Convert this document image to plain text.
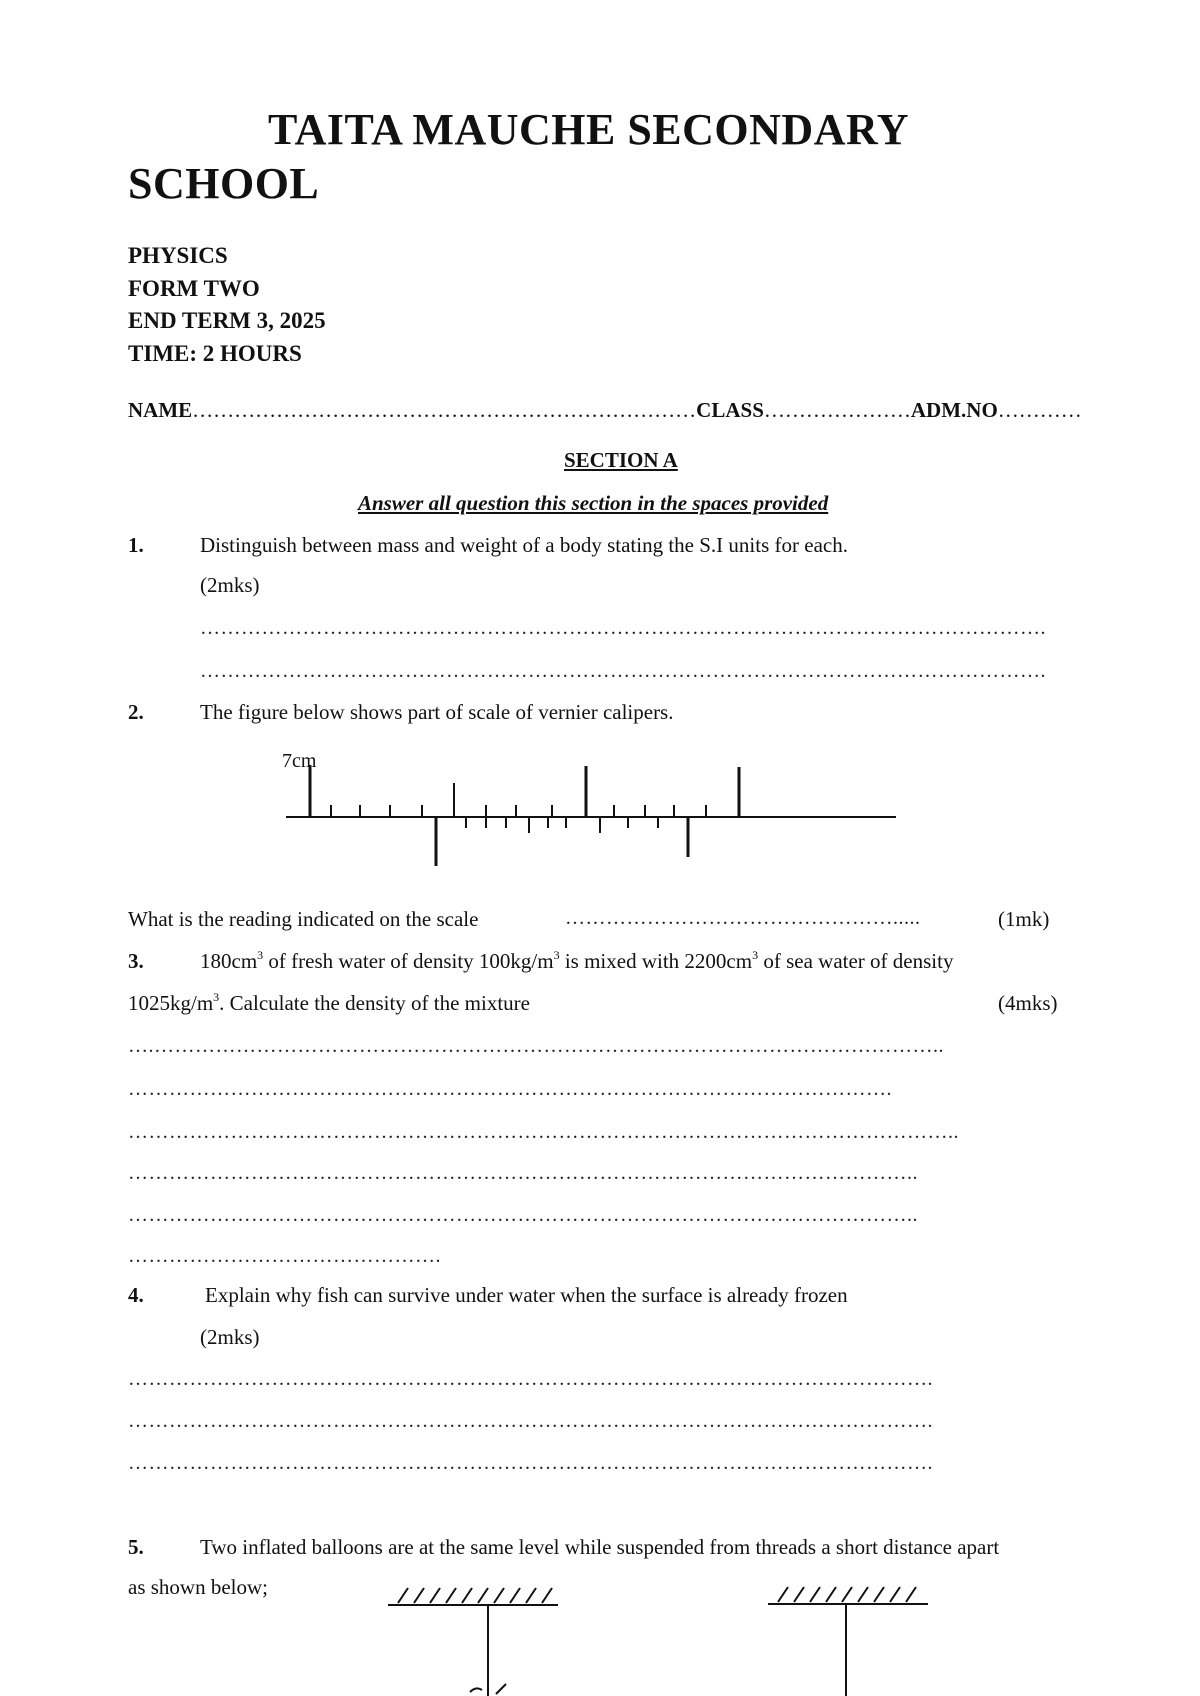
TAITA MAUCHE SECONDARY
SCHOOL
PHYSICS
FORM TWO
END TERM 3, 2025
TIME: 2 HOURS
NAME………………………………………………………………CLASS…………………ADM.NO…………
SECTION A
Answer all question this section in the spaces provided
1.	Distinguish between mass and weight of a body stating the S.I units for each.
(2mks)
…………………………………………………………………………………………………………….
…………………………………………………………………………………………………………….
2.	The figure below shows part of scale of vernier calipers.
7cm
What is the reading indicated on the scale	………………………………………….....	(1mk)
3.	$180cm^3$ of fresh water of density $100kg/m^3$ is mixed with $2200cm^3$ of sea water of density
$1025kg/m^3$. Calculate the density of the mixture	(4mks)
….……………………………………………………………………………………………………..
………………………………………………………………………………………………….
…………………………………………………………………………………………………………..
……………………………………………………………………………………………………..
……………………………………………………………………………………………………..
……………………………………….
4.	Explain why fish can survive under water when the surface is already frozen
(2mks)
……………………………………………………………………………………………………….
……………………………………………………………………………………………………….
……………………………………………………………………………………………………….
5.	Two inflated balloons are at the same level while suspended from threads a short distance apart
as shown below;
